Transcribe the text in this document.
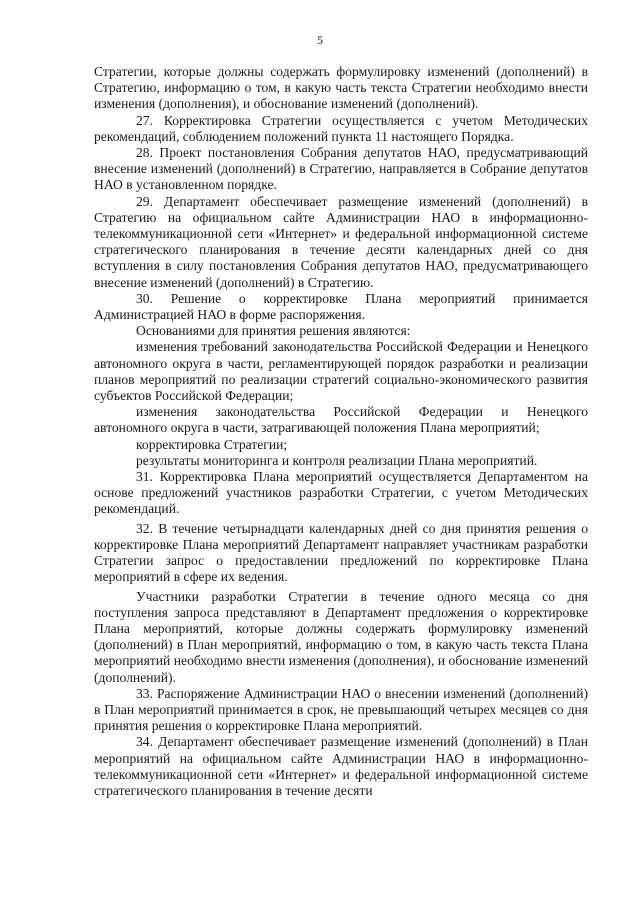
5

Стратегии, которые должны содержать формулировку изменений (дополнений) в Стратегию, информацию о том, в какую часть текста Стратегии необходимо внести изменения (дополнения), и обоснование изменений (дополнений).

27. Корректировка Стратегии осуществляется с учетом Методических рекомендаций, соблюдением положений пункта 11 настоящего Порядка.

28. Проект постановления Собрания депутатов НАО, предусматривающий внесение изменений (дополнений) в Стратегию, направляется в Собрание депутатов НАО в установленном порядке.

29. Департамент обеспечивает размещение изменений (дополнений) в Стратегию на официальном сайте Администрации НАО в информационно-телекоммуникационной сети «Интернет» и федеральной информационной системе стратегического планирования в течение десяти календарных дней со дня вступления в силу постановления Собрания депутатов НАО, предусматривающего внесение изменений (дополнений) в Стратегию.

30. Решение о корректировке Плана мероприятий принимается Администрацией НАО в форме распоряжения.

Основаниями для принятия решения являются:

изменения требований законодательства Российской Федерации и Ненецкого автономного округа в части, регламентирующей порядок разработки и реализации планов мероприятий по реализации стратегий социально-экономического развития субъектов Российской Федерации;

изменения законодательства Российской Федерации и Ненецкого автономного округа в части, затрагивающей положения Плана мероприятий;

корректировка Стратегии;

результаты мониторинга и контроля реализации Плана мероприятий.

31. Корректировка Плана мероприятий осуществляется Департаментом на основе предложений участников разработки Стратегии, с учетом Методических рекомендаций.

32. В течение четырнадцати календарных дней со дня принятия решения о корректировке Плана мероприятий Департамент направляет участникам разработки Стратегии запрос о предоставлении предложений по корректировке Плана мероприятий в сфере их ведения.

Участники разработки Стратегии в течение одного месяца со дня поступления запроса представляют в Департамент предложения о корректировке Плана мероприятий, которые должны содержать формулировку изменений (дополнений) в План мероприятий, информацию о том, в какую часть текста Плана мероприятий необходимо внести изменения (дополнения), и обоснование изменений (дополнений).

33. Распоряжение Администрации НАО о внесении изменений (дополнений) в План мероприятий принимается в срок, не превышающий четырех месяцев со дня принятия решения о корректировке Плана мероприятий.

34. Департамент обеспечивает размещение изменений (дополнений) в План мероприятий на официальном сайте Администрации НАО в информационно-телекоммуникационной сети «Интернет» и федеральной информационной системе стратегического планирования в течение десяти
